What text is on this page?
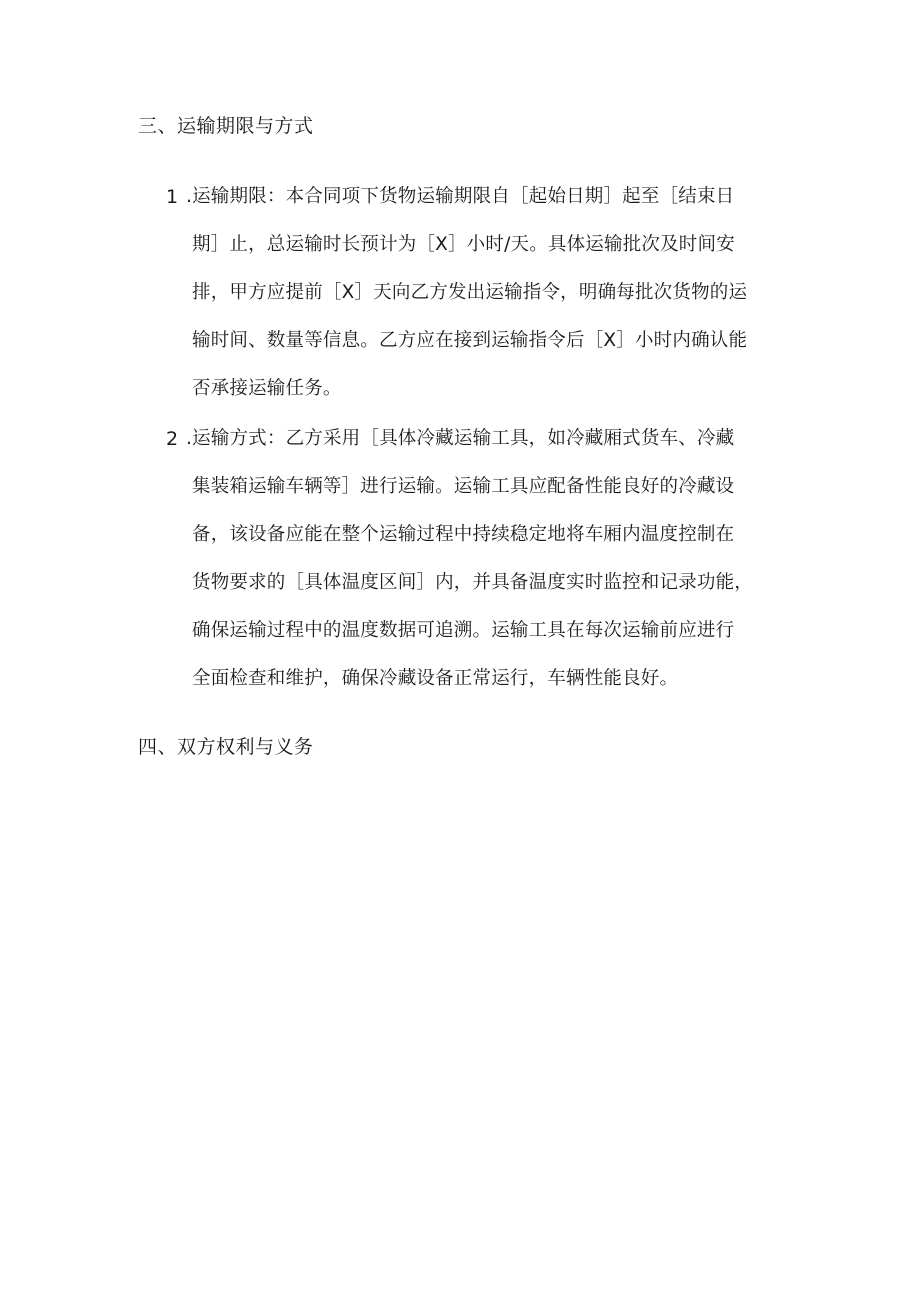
三、运输期限与方式
1 .运输期限：本合同项下货物运输期限自［起始日期］起至［结束日
期］止，总运输时长预计为［X］小时/天。具体运输批次及时间安
排，甲方应提前［X］天向乙方发出运输指令，明确每批次货物的运
输时间、数量等信息。乙方应在接到运输指令后［X］小时内确认能
否承接运输任务。
2 .运输方式：乙方采用［具体冷藏运输工具，如冷藏厢式货车、冷藏
集装箱运输车辆等］进行运输。运输工具应配备性能良好的冷藏设
备，该设备应能在整个运输过程中持续稳定地将车厢内温度控制在
货物要求的［具体温度区间］内，并具备温度实时监控和记录功能，
确保运输过程中的温度数据可追溯。运输工具在每次运输前应进行
全面检查和维护，确保冷藏设备正常运行，车辆性能良好。
四、双方权利与义务
